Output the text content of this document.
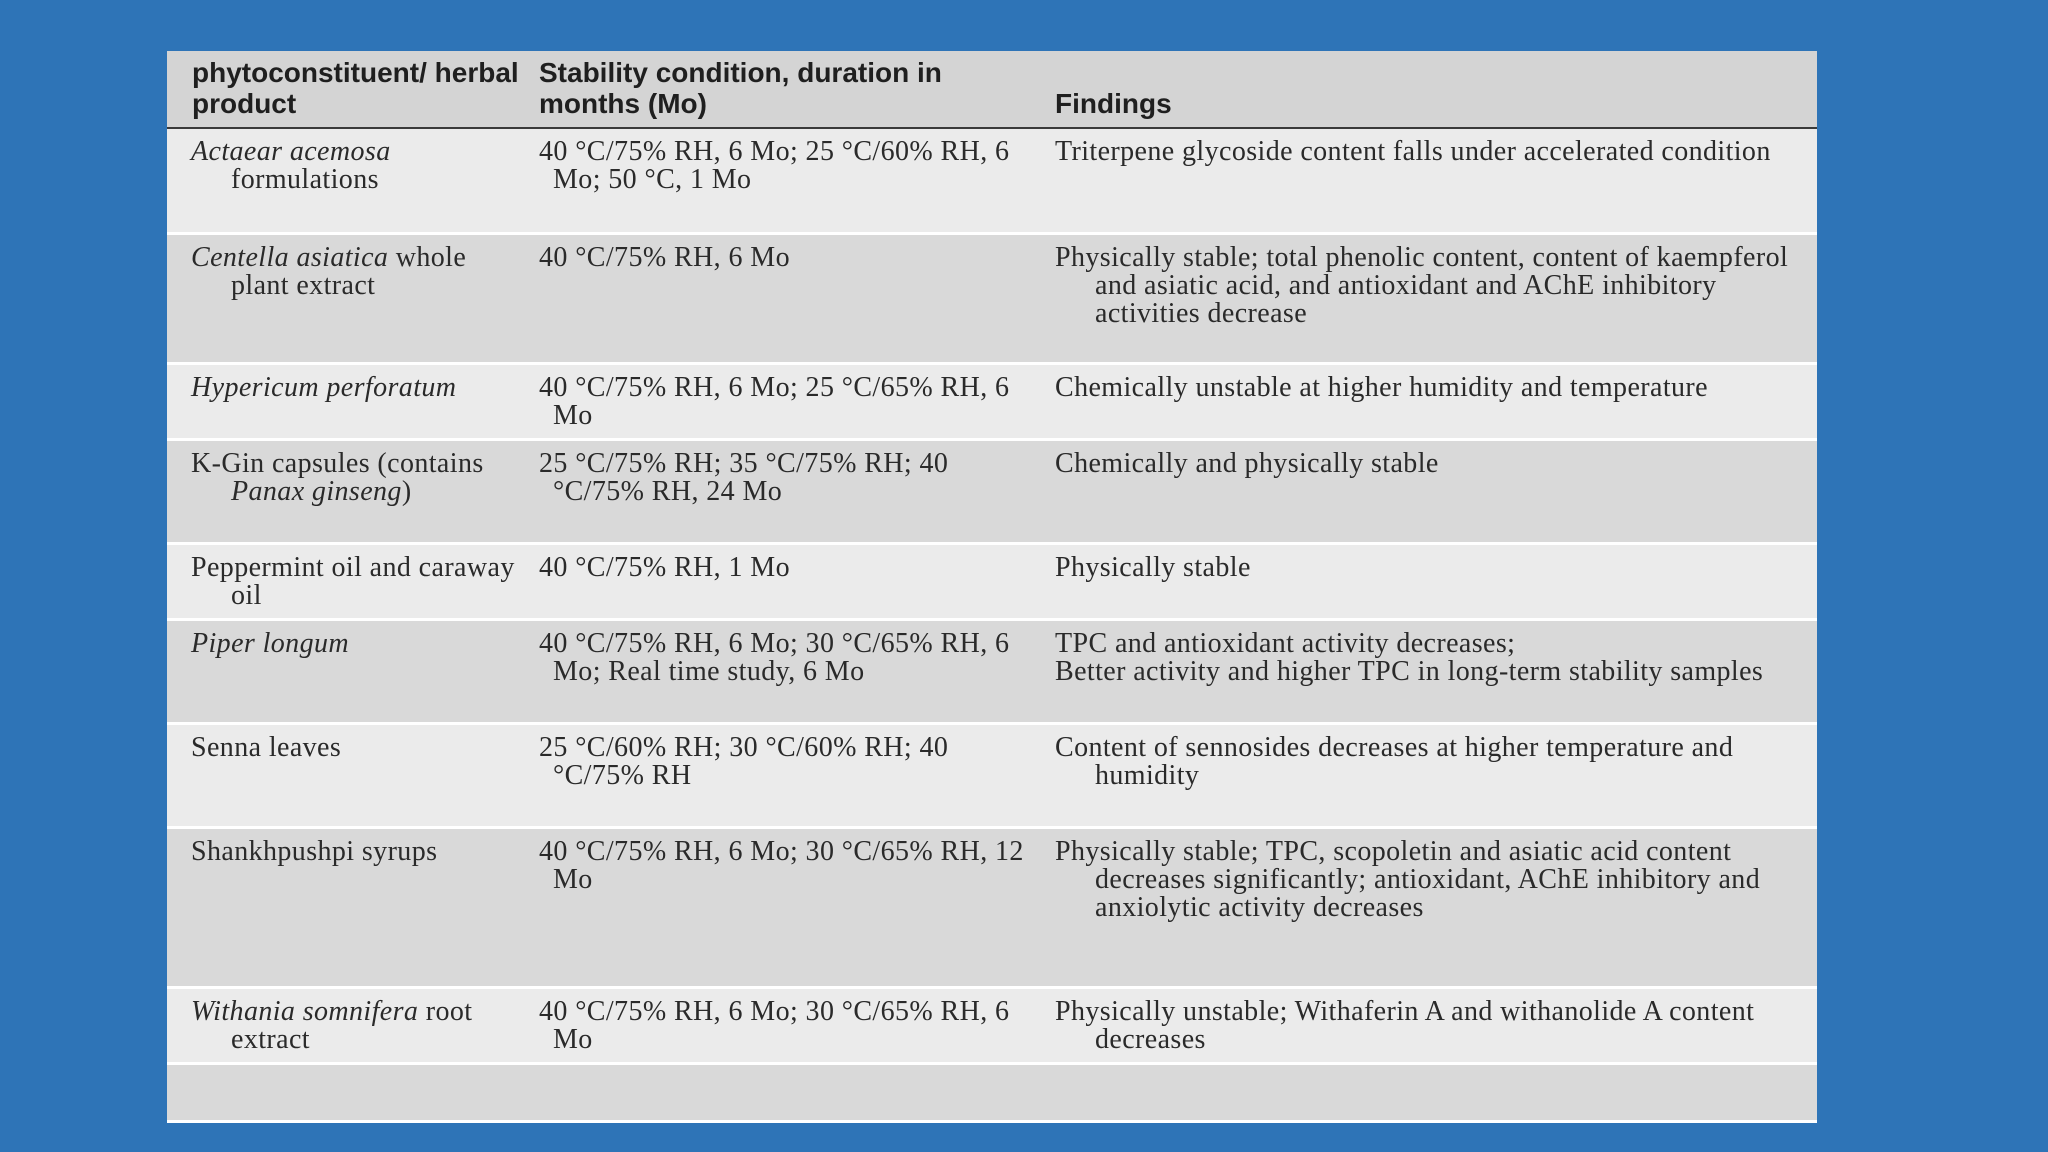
phytoconstituent/ herbal product	Stability condition, duration in months (Mo)	Findings

Actaear acemosa formulations	40 °C/75% RH, 6 Mo; 25 °C/60% RH, 6 Mo; 50 °C, 1 Mo	Triterpene glycoside content falls under accelerated condition

Centella asiatica whole plant extract	40 °C/75% RH, 6 Mo	Physically stable; total phenolic content, content of kaempferol and asiatic acid, and antioxidant and AChE inhibitory activities decrease

Hypericum perforatum	40 °C/75% RH, 6 Mo; 25 °C/65% RH, 6 Mo	Chemically unstable at higher humidity and temperature

K-Gin capsules (contains Panax ginseng)	25 °C/75% RH; 35 °C/75% RH; 40 °C/75% RH, 24 Mo	Chemically and physically stable

Peppermint oil and caraway oil	40 °C/75% RH, 1 Mo	Physically stable

Piper longum	40 °C/75% RH, 6 Mo; 30 °C/65% RH, 6 Mo; Real time study, 6 Mo	TPC and antioxidant activity decreases;
Better activity and higher TPC in long-term stability samples

Senna leaves	25 °C/60% RH; 30 °C/60% RH; 40 °C/75% RH	Content of sennosides decreases at higher temperature and humidity

Shankhpushpi syrups	40 °C/75% RH, 6 Mo; 30 °C/65% RH, 12 Mo	Physically stable; TPC, scopoletin and asiatic acid content decreases significantly; antioxidant, AChE inhibitory and anxiolytic activity decreases

Withania somnifera root extract	40 °C/75% RH, 6 Mo; 30 °C/65% RH, 6 Mo	Physically unstable; Withaferin A and withanolide A content decreases
